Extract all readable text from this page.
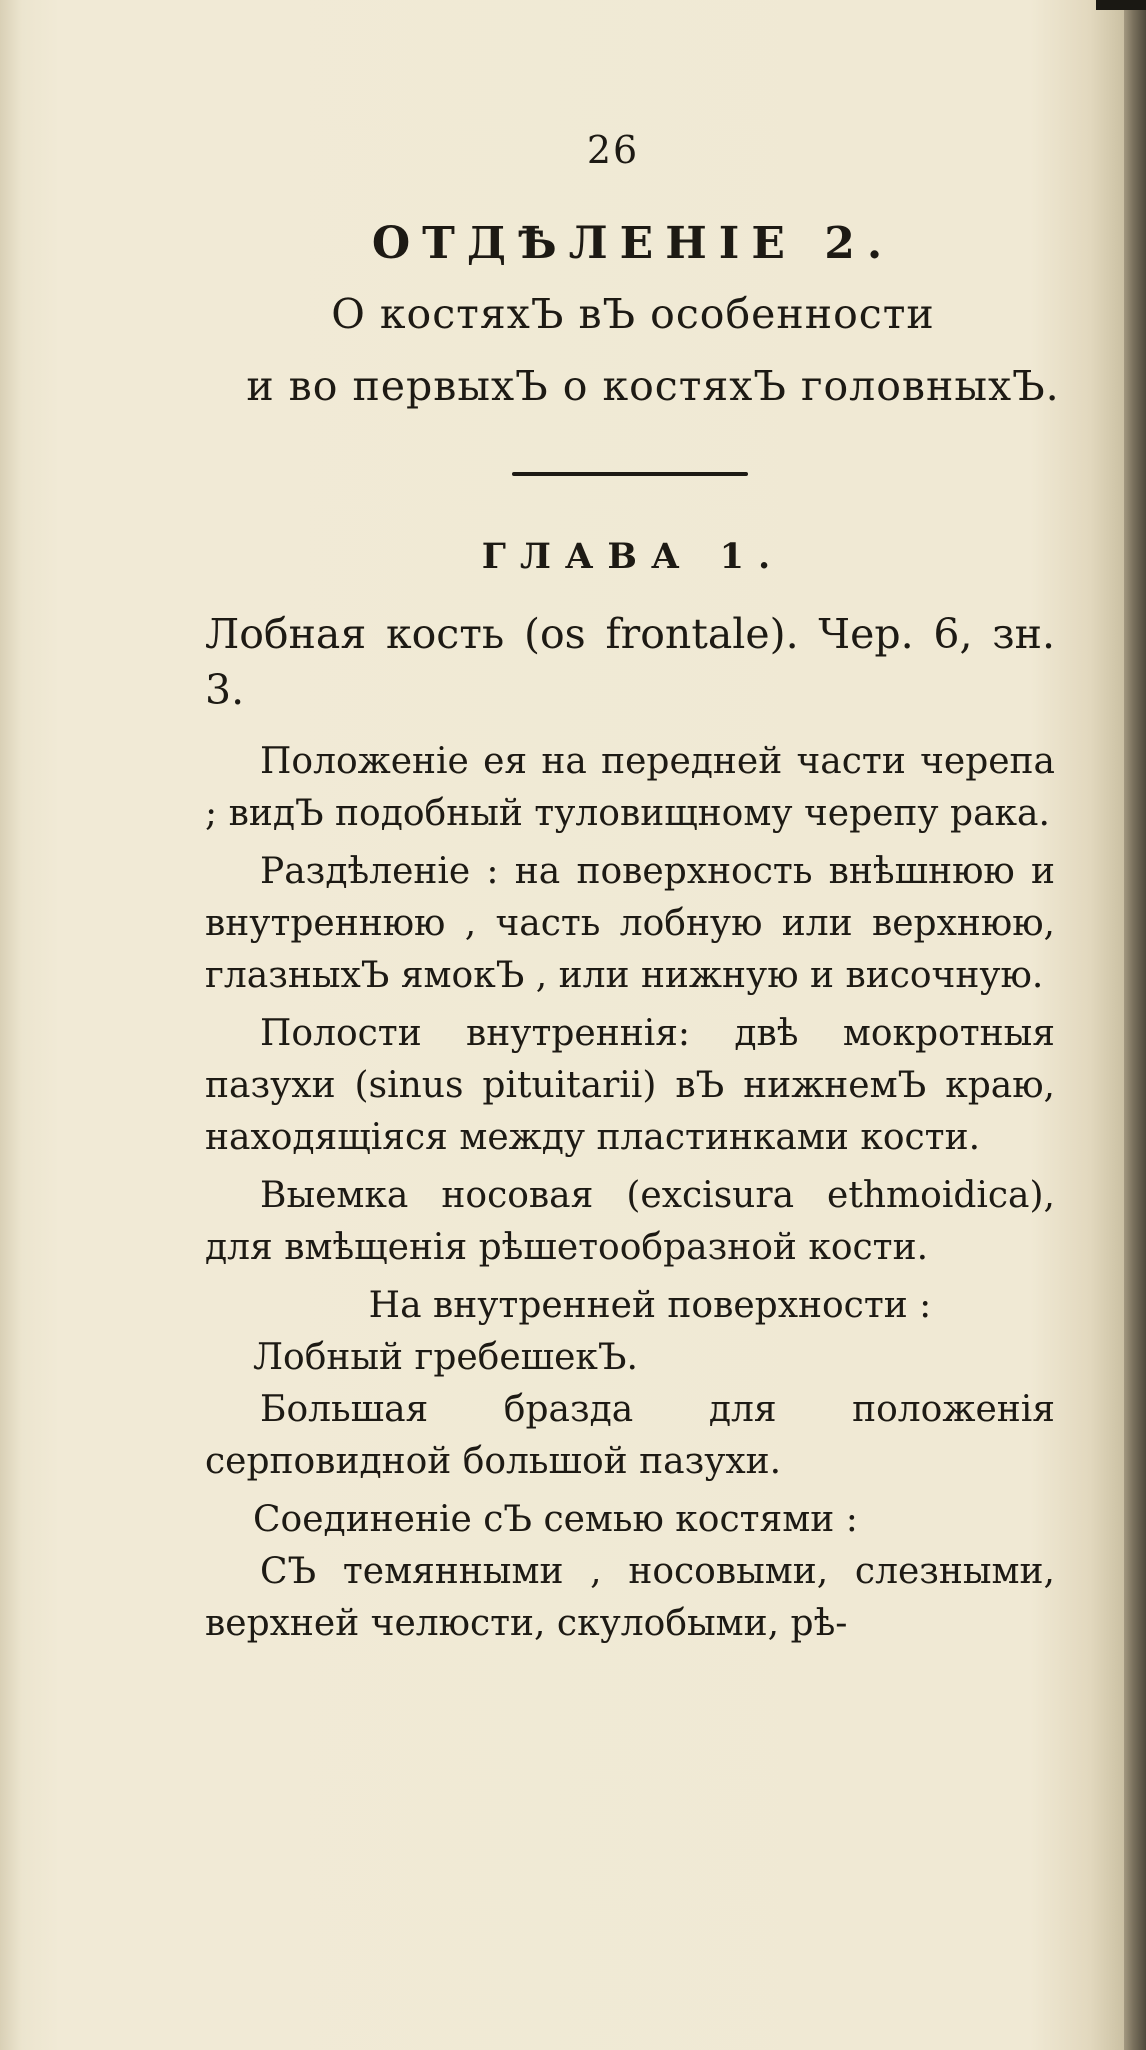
26
ОТДѢЛЕНIЕ 2.
О костяхЪ вЪ особенности
и во первыхЪ о костяхЪ головныхЪ.
ГЛАВА 1.
Лобная кость (os frontale). Чер. 6, зн. 3.

Положенiе ея на передней части черепа ; видЪ подобный туловищному черепу рака.

Раздѣленiе : на поверхность внѣшнюю и внутреннюю , часть лобную или верхнюю, глазныхЪ ямокЪ , или нижную и височную.

Полости внутреннiя: двѣ мокротныя пазухи (sinus pituitarii) вЪ нижнемЪ краю, находящiяся между пластинками кости.

Выемка носовая (excisura ethmoidica), для вмѣщенiя рѣшетообразной кости.

На внутренней поверхности :

Лобный гребешекЪ.

Большая бразда для положенiя серповидной большой пазухи.

Соединенiе сЪ семью костями :

СЪ темянными , носовыми, слезными, верхней челюсти, скулобыми, рѣ-
